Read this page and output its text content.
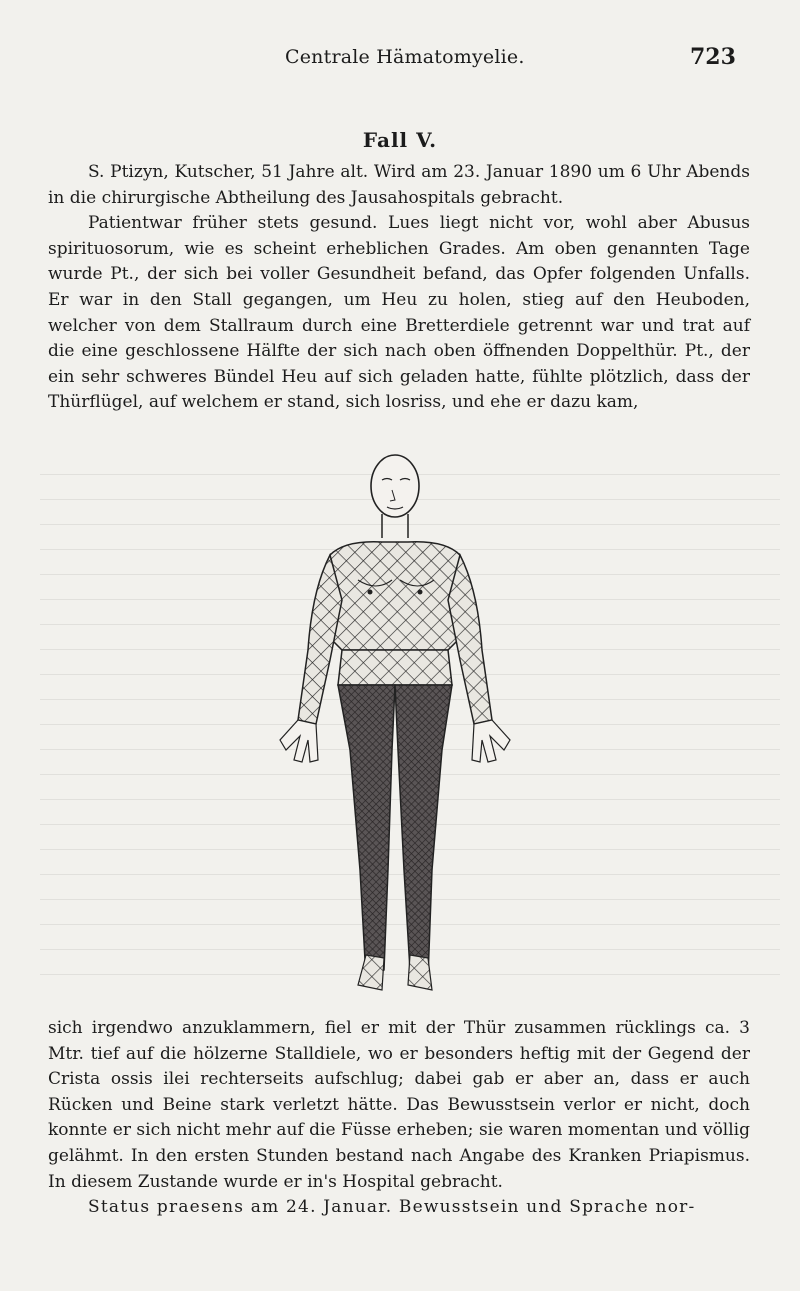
Centrale Hämatomyelie.	723
Fall V.

S. Ptizyn, Kutscher, 51 Jahre alt. Wird am 23. Januar 1890 um 6 Uhr Abends in die chirurgische Abtheilung des Jausahospitals gebracht.

Patientwar früher stets gesund. Lues liegt nicht vor, wohl aber Abusus spirituosorum, wie es scheint erheblichen Grades. Am oben genannten Tage wurde Pt., der sich bei voller Gesundheit befand, das Opfer folgenden Unfalls. Er war in den Stall gegangen, um Heu zu holen, stieg auf den Heuboden, welcher von dem Stallraum durch eine Bretterdiele getrennt war und trat auf die eine geschlossene Hälfte der sich nach oben öffnenden Doppelthür. Pt., der ein sehr schweres Bündel Heu auf sich geladen hatte, fühlte plötzlich, dass der Thürflügel, auf welchem er stand, sich losriss, und ehe er dazu kam,

sich irgendwo anzuklammern, fiel er mit der Thür zusammen rücklings ca. 3 Mtr. tief auf die hölzerne Stalldiele, wo er besonders heftig mit der Gegend der Crista ossis ilei rechterseits aufschlug; dabei gab er aber an, dass er auch Rücken und Beine stark verletzt hätte. Das Bewusstsein verlor er nicht, doch konnte er sich nicht mehr auf die Füsse erheben; sie waren momentan und völlig gelähmt. In den ersten Stunden bestand nach Angabe des Kranken Priapismus. In diesem Zustande wurde er in's Hospital gebracht.

Status praesens am 24. Januar. Bewusstsein und Sprache nor-
